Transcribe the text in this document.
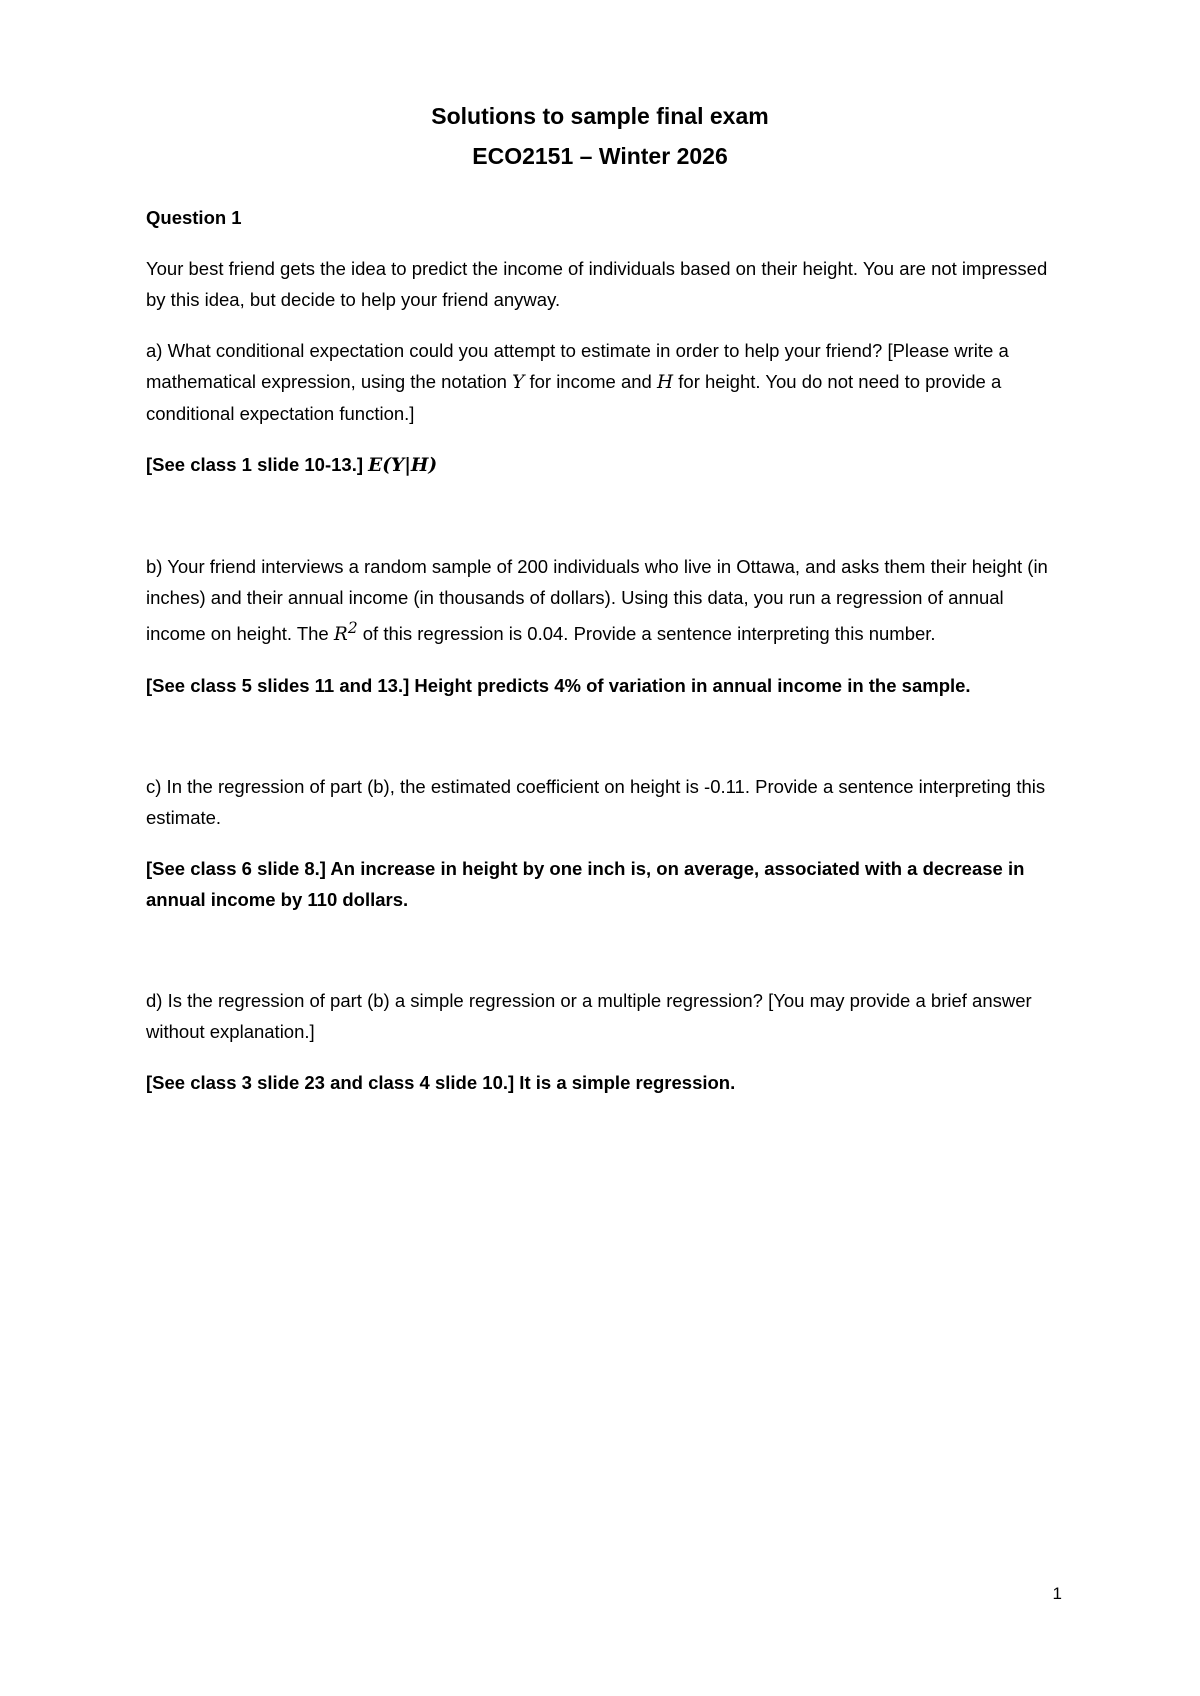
Solutions to sample final exam

ECO2151 – Winter 2026

Question 1

Your best friend gets the idea to predict the income of individuals based on their height. You are not impressed by this idea, but decide to help your friend anyway.

a) What conditional expectation could you attempt to estimate in order to help your friend? [Please write a mathematical expression, using the notation Y for income and H for height. You do not need to provide a conditional expectation function.]

[See class 1 slide 10-13.] E(Y|H)

b) Your friend interviews a random sample of 200 individuals who live in Ottawa, and asks them their height (in inches) and their annual income (in thousands of dollars). Using this data, you run a regression of annual income on height. The $R^2$ of this regression is 0.04. Provide a sentence interpreting this number.

[See class 5 slides 11 and 13.] Height predicts 4% of variation in annual income in the sample.

c) In the regression of part (b), the estimated coefficient on height is -0.11. Provide a sentence interpreting this estimate.

[See class 6 slide 8.] An increase in height by one inch is, on average, associated with a decrease in annual income by 110 dollars.

d) Is the regression of part (b) a simple regression or a multiple regression? [You may provide a brief answer without explanation.]

[See class 3 slide 23 and class 4 slide 10.] It is a simple regression.

1
